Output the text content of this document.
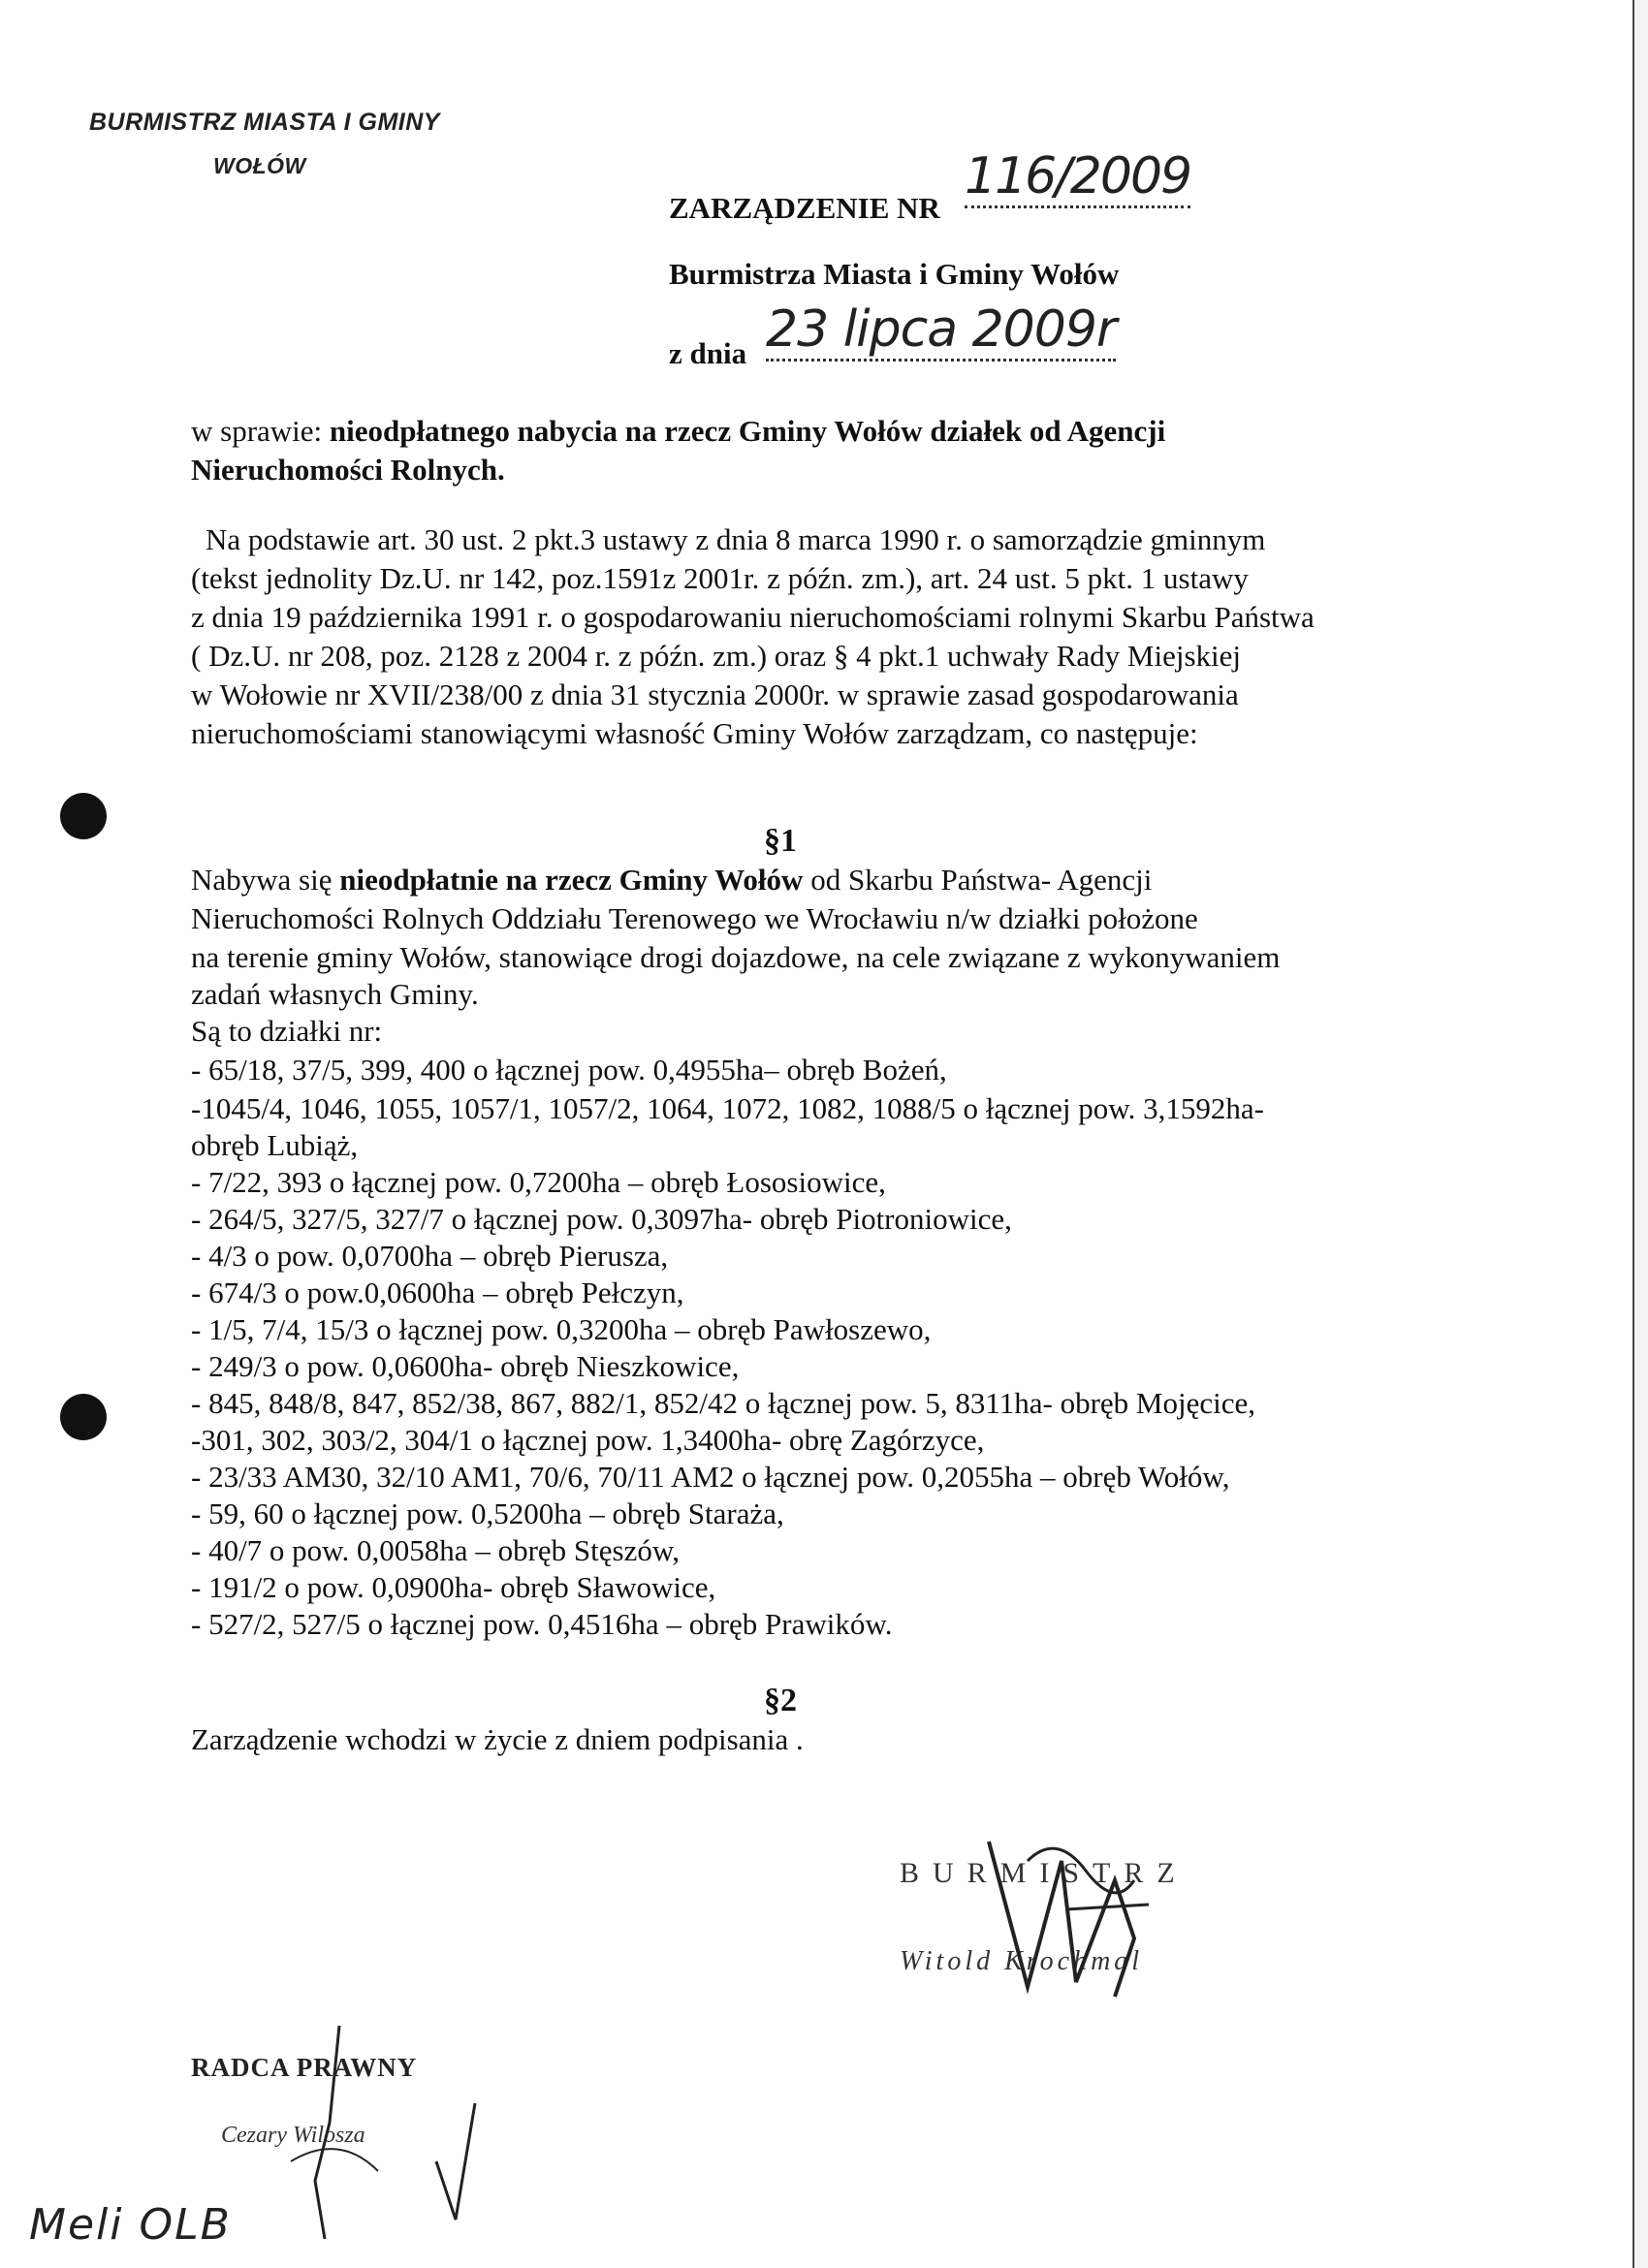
BURMISTRZ MIASTA I GMINY
WOŁÓW
ZARZĄDZENIE NR
116/2009
Burmistrza Miasta i Gminy Wołów
z dnia 23 lipca 2009r
w sprawie: nieodpłatnego nabycia na rzecz Gminy Wołów działek od Agencji
Nieruchomości Rolnych.
Na podstawie art. 30 ust. 2 pkt.3 ustawy z dnia 8 marca 1990 r. o samorządzie gminnym
(tekst jednolity Dz.U. nr 142, poz.1591z 2001r. z późn. zm.), art. 24 ust. 5 pkt. 1 ustawy
z dnia 19 października 1991 r. o gospodarowaniu nieruchomościami rolnymi Skarbu Państwa
( Dz.U. nr 208, poz. 2128 z 2004 r. z późn. zm.) oraz § 4 pkt.1 uchwały Rady Miejskiej
w Wołowie nr XVII/238/00 z dnia 31 stycznia 2000r. w sprawie zasad gospodarowania
nieruchomościami stanowiącymi własność Gminy Wołów zarządzam, co następuje:
§1
Nabywa się nieodpłatnie na rzecz Gminy Wołów od Skarbu Państwa- Agencji
Nieruchomości Rolnych Oddziału Terenowego we Wrocławiu n/w działki położone
na terenie gminy Wołów, stanowiące drogi dojazdowe, na cele związane z wykonywaniem
zadań własnych Gminy.
Są to działki nr:
- 65/18, 37/5, 399, 400 o łącznej pow. 0,4955ha– obręb Bożeń,
-1045/4, 1046, 1055, 1057/1, 1057/2, 1064, 1072, 1082, 1088/5 o łącznej pow. 3,1592ha-
obręb Lubiąż,
- 7/22, 393 o łącznej pow. 0,7200ha – obręb Łososiowice,
- 264/5, 327/5, 327/7 o łącznej pow. 0,3097ha- obręb Piotroniowice,
- 4/3 o pow. 0,0700ha – obręb Pierusza,
- 674/3 o pow.0,0600ha – obręb Pełczyn,
- 1/5, 7/4, 15/3 o łącznej pow. 0,3200ha – obręb Pawłoszewo,
- 249/3 o pow. 0,0600ha- obręb Nieszkowice,
- 845, 848/8, 847, 852/38, 867, 882/1, 852/42 o łącznej pow. 5, 8311ha- obręb Mojęcice,
-301, 302, 303/2, 304/1 o łącznej pow. 1,3400ha- obrę Zagórzyce,
- 23/33 AM30, 32/10 AM1, 70/6, 70/11 AM2 o łącznej pow. 0,2055ha – obręb Wołów,
- 59, 60 o łącznej pow. 0,5200ha – obręb Staraża,
- 40/7 o pow. 0,0058ha – obręb Stęszów,
- 191/2 o pow. 0,0900ha- obręb Sławowice,
- 527/2, 527/5 o łącznej pow. 0,4516ha – obręb Prawików.
§2
Zarządzenie wchodzi w życie z dniem podpisania .
BURMISTRZ
Witold Krochmal
RADCA PRAWNY
Cezary Wilosza
Meli OLB
